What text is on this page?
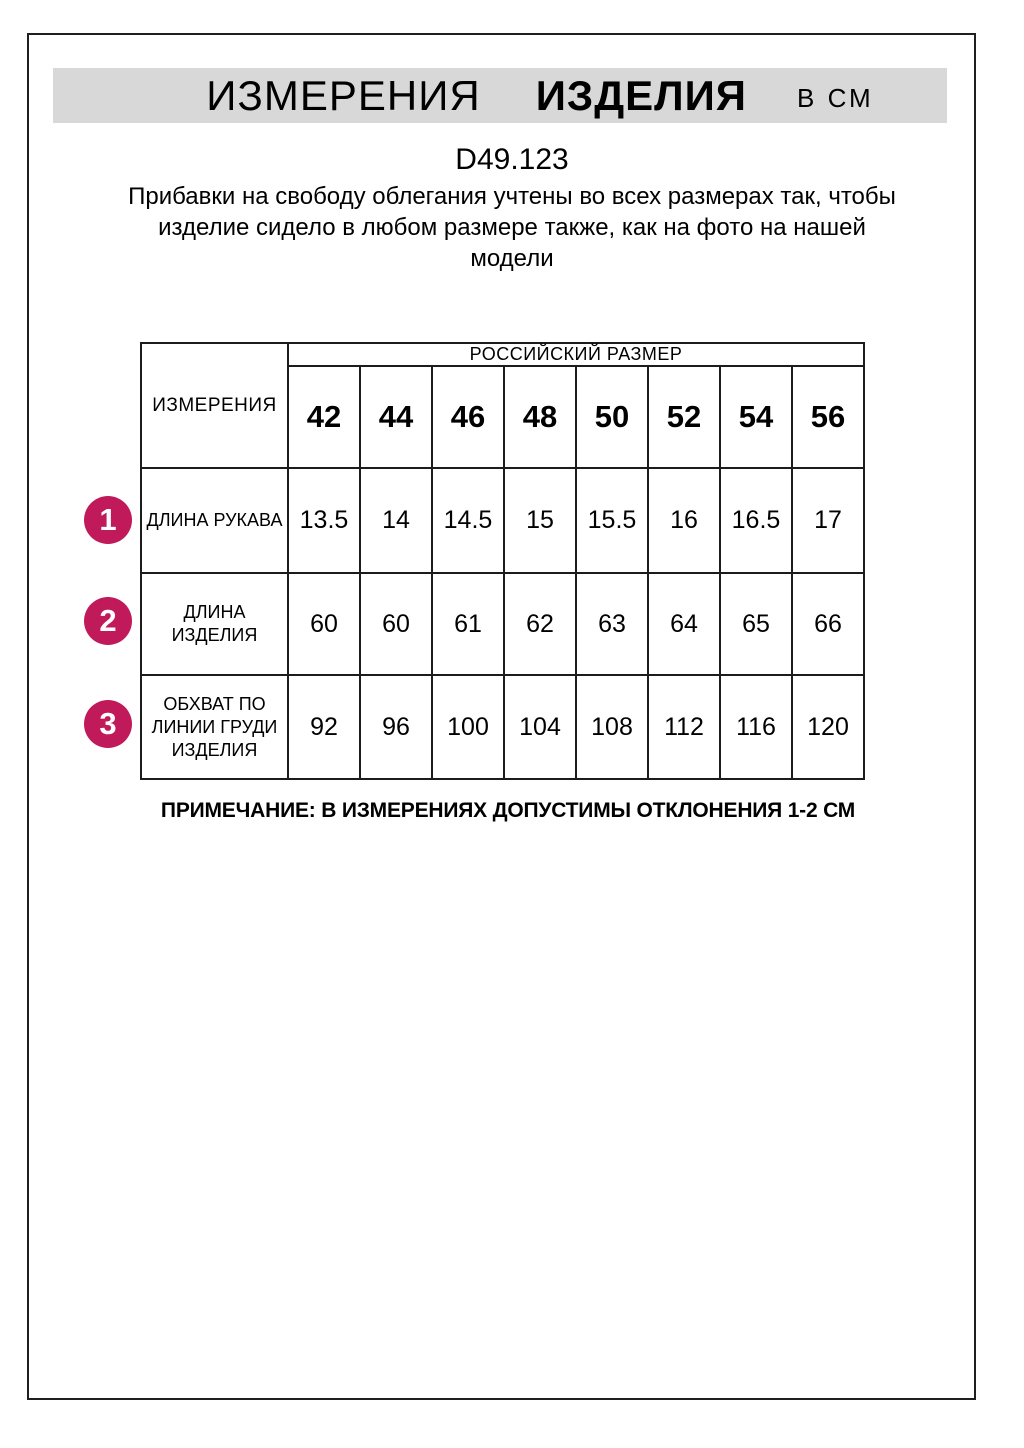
ИЗМЕРЕНИЯ ИЗДЕЛИЯ В СМ
D49.123
Прибавки на свободу облегания учтены во всех размерах так, чтобы
изделие сидело в любом размере также, как на фото на нашей
модели
ИЗМЕРЕНИЯ	РОССИЙСКИЙ РАЗМЕР							
	42	44	46	48	50	52	54	56
ДЛИНА РУКАВА	13.5	14	14.5	15	15.5	16	16.5	17
ДЛИНА ИЗДЕЛИЯ	60	60	61	62	63	64	65	66
ОБХВАТ ПО ЛИНИИ ГРУДИ ИЗДЕЛИЯ	92	96	100	104	108	112	116	120
1
2
3
ПРИМЕЧАНИЕ: В ИЗМЕРЕНИЯХ ДОПУСТИМЫ ОТКЛОНЕНИЯ 1-2 СМ
